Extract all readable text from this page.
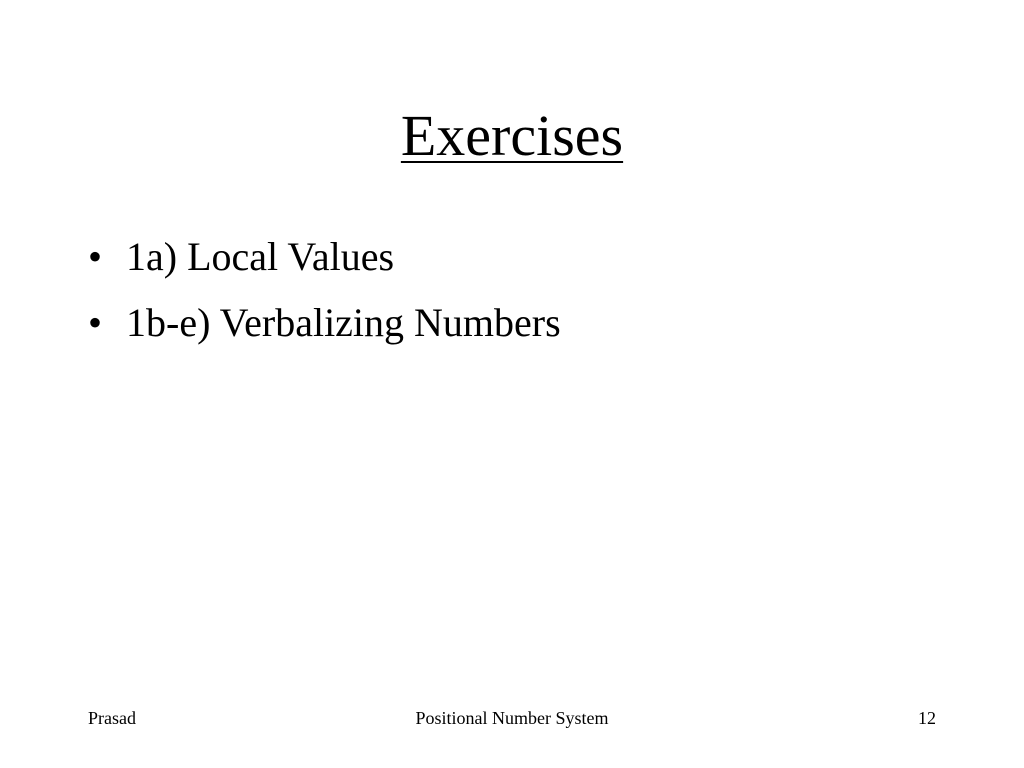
Exercises
• 1a) Local Values
• 1b-e) Verbalizing Numbers
Prasad	Positional Number System	12
